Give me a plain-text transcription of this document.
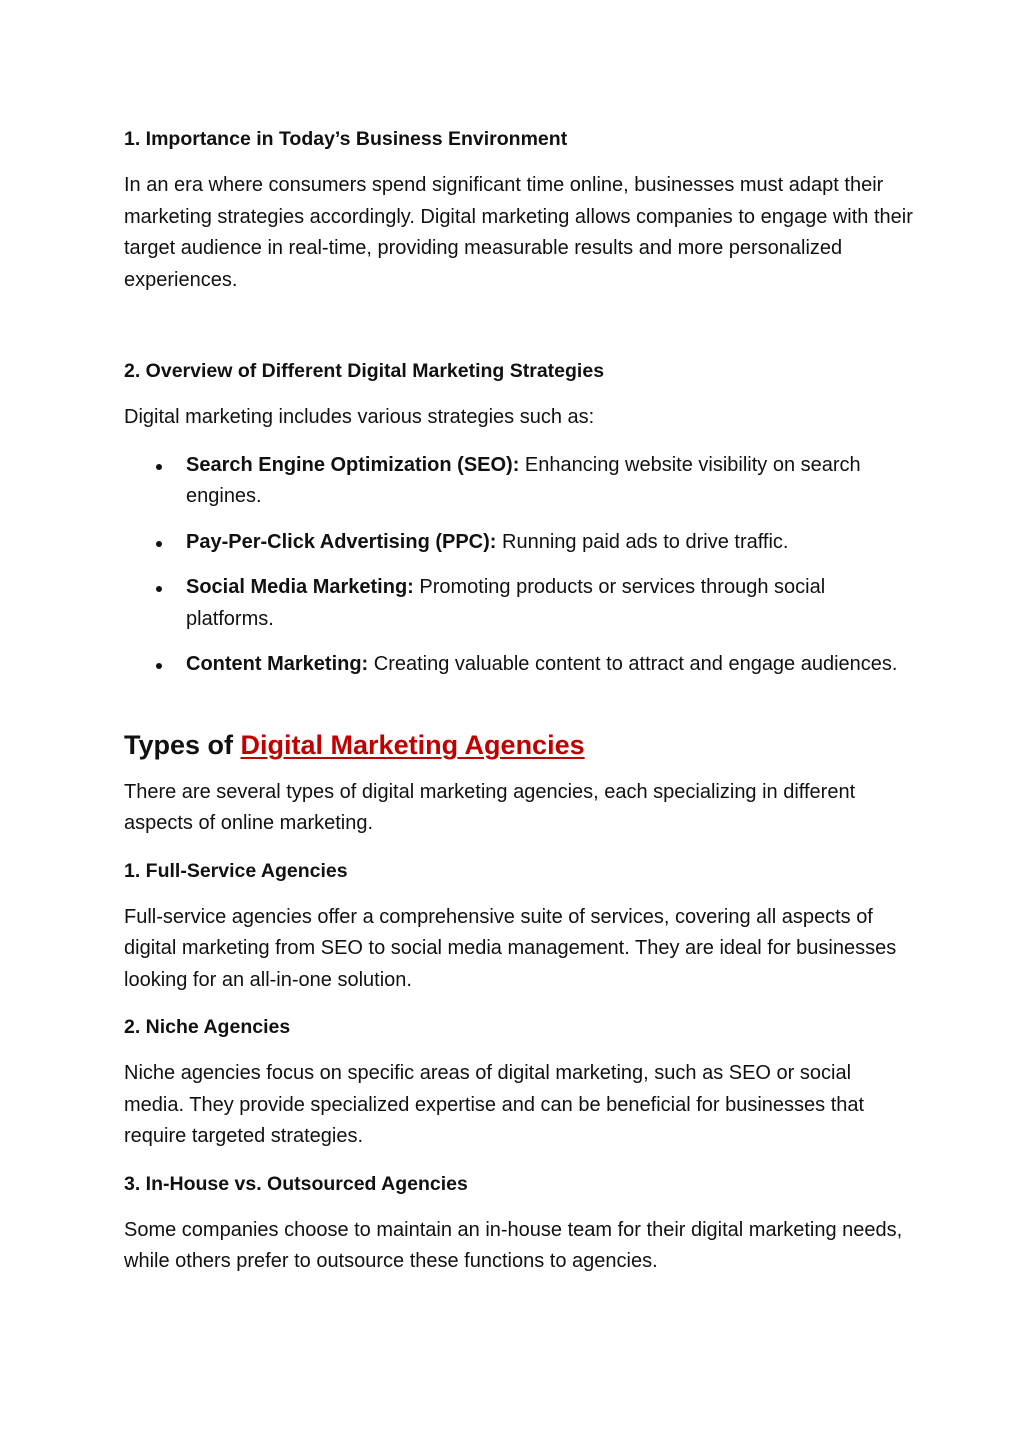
1. Importance in Today’s Business Environment

In an era where consumers spend significant time online, businesses must adapt their marketing strategies accordingly. Digital marketing allows companies to engage with their target audience in real-time, providing measurable results and more personalized experiences.

2. Overview of Different Digital Marketing Strategies

Digital marketing includes various strategies such as:

Search Engine Optimization (SEO): Enhancing website visibility on search engines.
Pay-Per-Click Advertising (PPC): Running paid ads to drive traffic.
Social Media Marketing: Promoting products or services through social platforms.
Content Marketing: Creating valuable content to attract and engage audiences.
Types of Digital Marketing Agencies

There are several types of digital marketing agencies, each specializing in different aspects of online marketing.

1. Full-Service Agencies

Full-service agencies offer a comprehensive suite of services, covering all aspects of digital marketing from SEO to social media management. They are ideal for businesses looking for an all-in-one solution.

2. Niche Agencies

Niche agencies focus on specific areas of digital marketing, such as SEO or social media. They provide specialized expertise and can be beneficial for businesses that require targeted strategies.

3. In-House vs. Outsourced Agencies

Some companies choose to maintain an in-house team for their digital marketing needs, while others prefer to outsource these functions to agencies.
